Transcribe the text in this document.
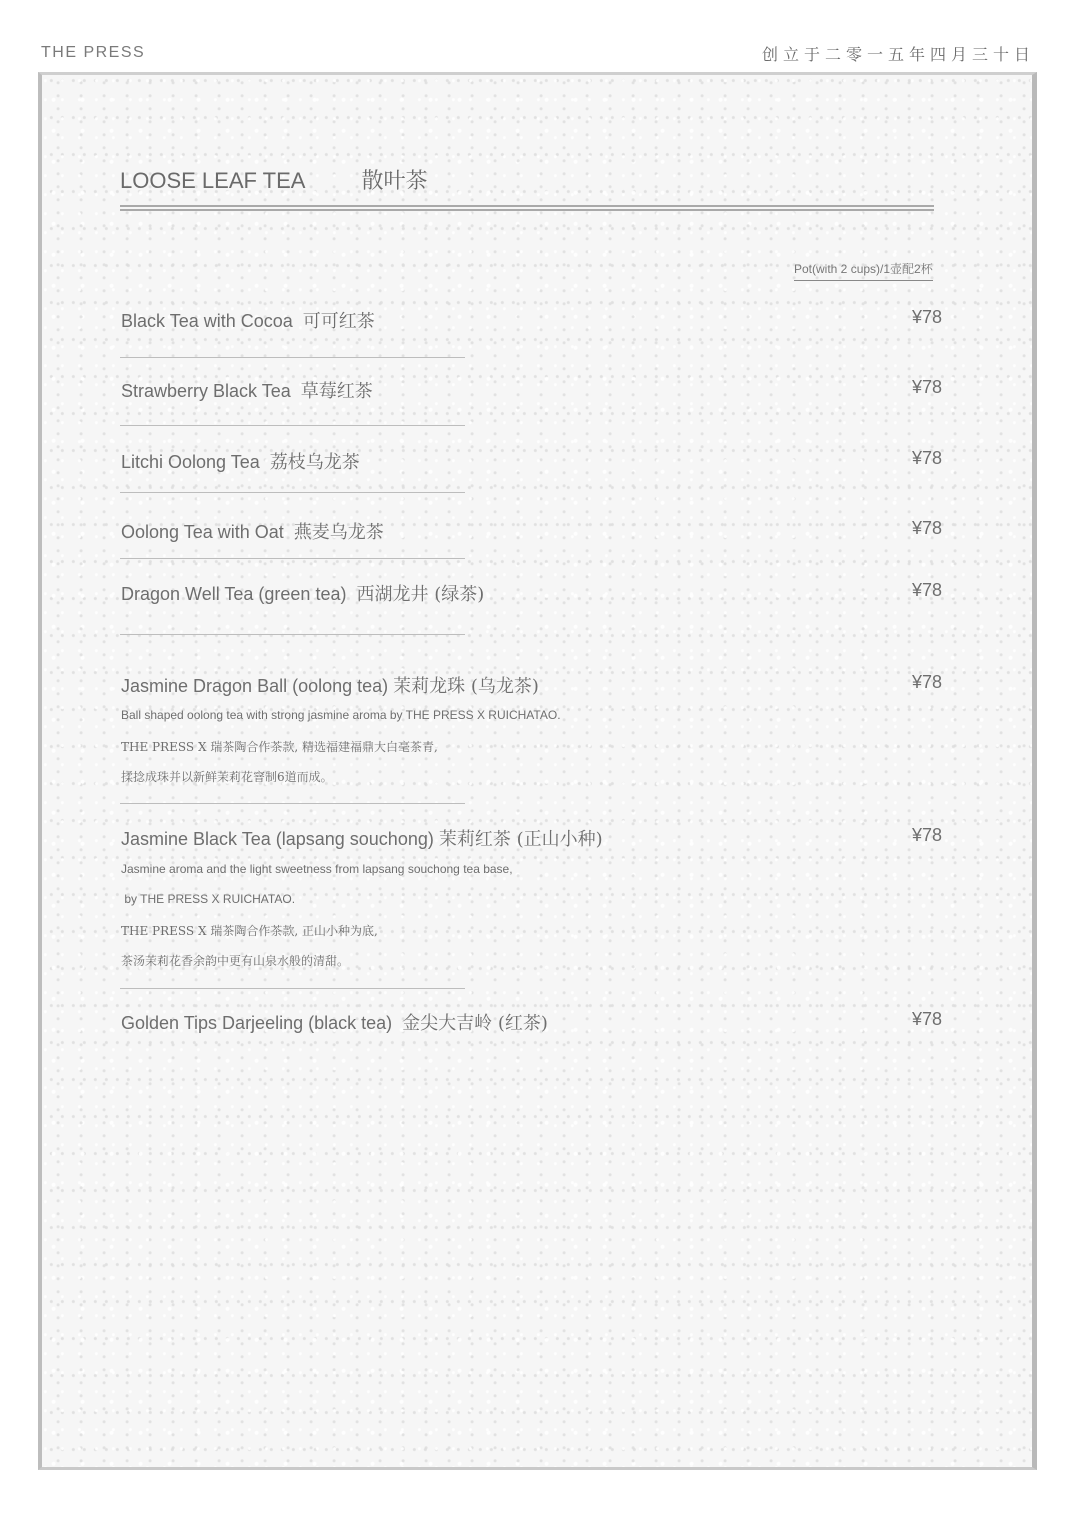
THE PRESS	创立于二零一五年四月三十日
LOOSE LEAF TEA	散叶茶
Pot(with 2 cups)/1壶配2杯
Black Tea with Cocoa 可可红茶	¥78
Strawberry Black Tea 草莓红茶	¥78
Litchi Oolong Tea 荔枝乌龙茶	¥78
Oolong Tea with Oat 燕麦乌龙茶	¥78
Dragon Well Tea (green tea) 西湖龙井 (绿茶)	¥78
Jasmine Dragon Ball (oolong tea) 茉莉龙珠 (乌龙茶)	¥78
Ball shaped oolong tea with strong jasmine aroma by THE PRESS X RUICHATAO.
THE PRESS X 瑞茶陶合作茶款, 精选福建福鼎大白毫茶青,
揉捻成珠并以新鲜茉莉花窨制6道而成。
Jasmine Black Tea (lapsang souchong) 茉莉红茶 (正山小种)	¥78
Jasmine aroma and the light sweetness from lapsang souchong tea base,
by THE PRESS X RUICHATAO.
THE PRESS X 瑞茶陶合作茶款, 正山小种为底,
茶汤茉莉花香余韵中更有山泉水般的清甜。
Golden Tips Darjeeling (black tea) 金尖大吉岭 (红茶)	¥78
